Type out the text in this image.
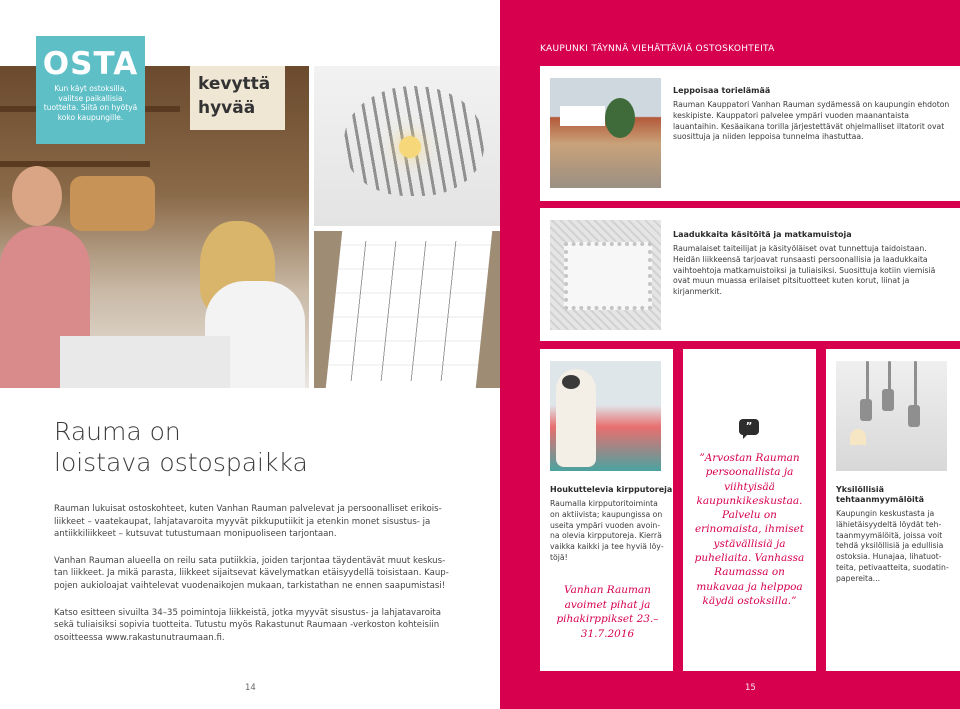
kevyttä hyvää
OSTA
Kun käyt ostoksilla, valitse paikallisia tuotteita. Siitä on hyötyä koko kaupungille.
Rauma on
loistava ostospaikka

Rauman lukuisat ostoskohteet, kuten Vanhan Rauman palvelevat ja persoonalliset erikoisliikkeet – vaatekaupat, lahjatavaroita myyvät pikkuputiikit ja etenkin monet sisustus- ja antiikkiliikkeet – kutsuvat tutustumaan monipuoliseen tarjontaan.

Vanhan Rauman alueella on reilu sata putiikkia, joiden tarjontaa täydentävät muut keskustan liikkeet. Ja mikä parasta, liikkeet sijaitsevat kävelymatkan etäisyydellä toisistaan. Kauppojen aukioloajat vaihtelevat vuodenaikojen mukaan, tarkistathan ne ennen saapumistasi!

Katso esitteen sivuilta 34–35 poimintoja liikkeistä, jotka myyvät sisustus- ja lahjatavaroita sekä tuliaisiksi sopivia tuotteita. Tutustu myös Rakastunut Raumaan -verkoston kohteisiin osoitteessa www.rakastunutraumaan.fi.

14
KAUPUNKI TÄYNNÄ VIEHÄTTÄVIÄ OSTOSKOHTEITA
Leppoisaa torielämää
Rauman Kauppatori Vanhan Rauman sydämessä on kaupungin ehdoton keskipiste. Kauppatori palvelee ympäri vuoden maanantaista lauantaihin. Kesäaikana torilla järjestettävät ohjelmalliset iltatorit ovat suosittuja ja niiden leppoisa tunnelma ihastuttaa.
Laadukkaita käsitöitä ja matkamuistoja
Raumalaiset taiteilijat ja käsityöläiset ovat tunnettuja taidoistaan. Heidän liikkeensä tarjoavat runsaasti persoonallisia ja laadukkaita vaihtoehtoja matkamuistoiksi ja tuliaisiksi. Suosittuja kotiin viemisiä ovat muun muassa erilaiset pitsituotteet kuten korut, liinat ja kirjanmerkit.
Houkuttelevia kirpputoreja
Raumalla kirpputoritoiminta on aktiivista; kaupungissa on useita ympäri vuoden avoinna olevia kirpputoreja. Kierrä vaikka kaikki ja tee hyviä löytöjä!
Vanhan Rauman avoimet pihat ja pihakirppikset 23.–31.7.2016
”
”Arvostan Rauman persoonallista ja viihtyisää kaupunkikeskustaa. Palvelu on erinomaista, ihmiset ystävällisiä ja puheliaita. Vanhassa Raumassa on mukavaa ja helppoa käydä ostoksilla.”
Yksilöllisiä tehtaanmyymälöitä
Kaupungin keskustasta ja lähietäisyydeltä löydät tehtaanmyymälöitä, joissa voit tehdä yksilöllisiä ja edullisia ostoksia. Hunajaa, lihatuotteita, petivaatteita, suodatinpapereita...
15
